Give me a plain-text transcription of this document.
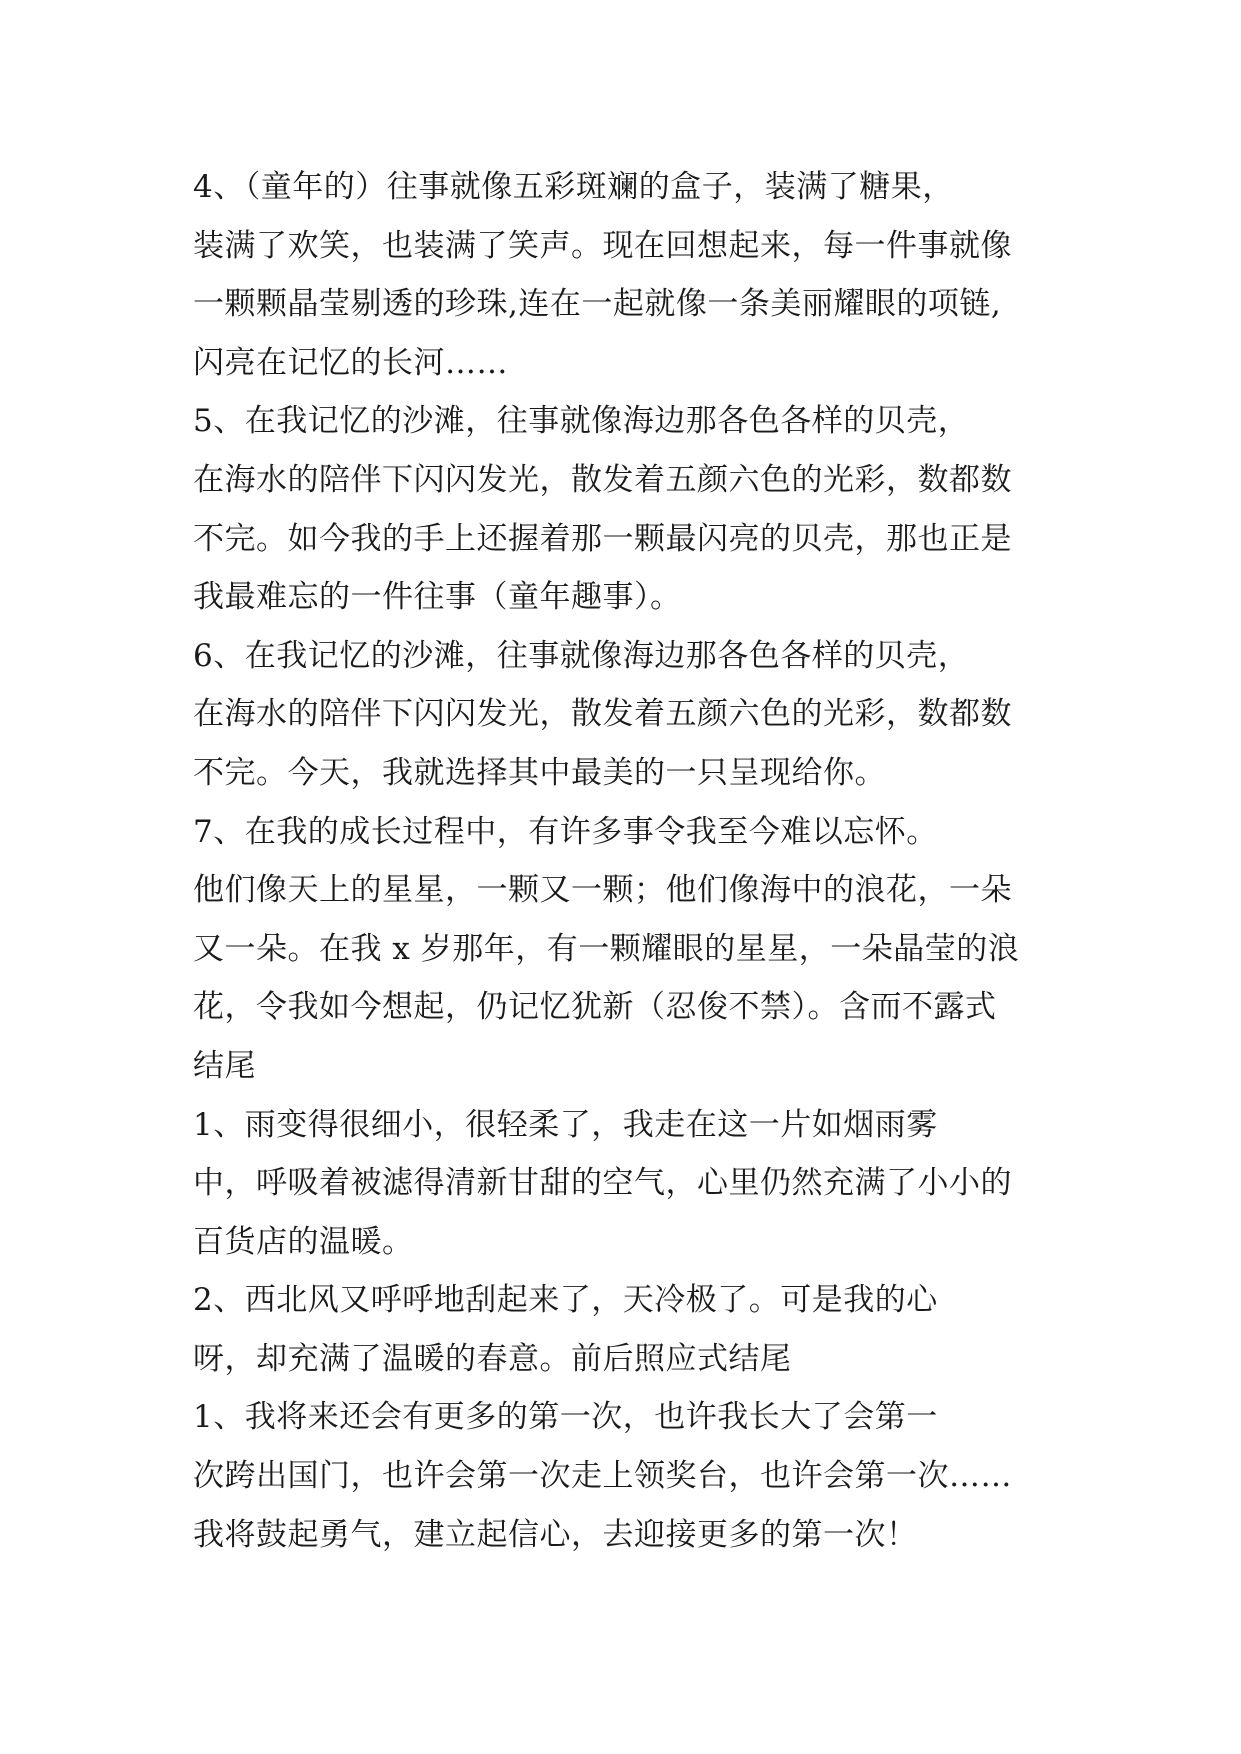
4、（童年的）往事就像五彩斑斓的盒子，装满了糖果，
装满了欢笑，也装满了笑声。现在回想起来，每一件事就像
一颗颗晶莹剔透的珍珠,连在一起就像一条美丽耀眼的项链,
闪亮在记忆的长河……
5、在我记忆的沙滩，往事就像海边那各色各样的贝壳，
在海水的陪伴下闪闪发光，散发着五颜六色的光彩，数都数
不完。如今我的手上还握着那一颗最闪亮的贝壳，那也正是
我最难忘的一件往事（童年趣事）。
6、在我记忆的沙滩，往事就像海边那各色各样的贝壳，
在海水的陪伴下闪闪发光，散发着五颜六色的光彩，数都数
不完。今天，我就选择其中最美的一只呈现给你。
7、在我的成长过程中，有许多事令我至今难以忘怀。
他们像天上的星星，一颗又一颗；他们像海中的浪花，一朵
又一朵。在我 x 岁那年，有一颗耀眼的星星，一朵晶莹的浪
花，令我如今想起，仍记忆犹新（忍俊不禁）。含而不露式
结尾
1、雨变得很细小，很轻柔了，我走在这一片如烟雨雾
中，呼吸着被滤得清新甘甜的空气，心里仍然充满了小小的
百货店的温暖。
2、西北风又呼呼地刮起来了，天冷极了。可是我的心
呀，却充满了温暖的春意。前后照应式结尾
1、我将来还会有更多的第一次，也许我长大了会第一
次跨出国门，也许会第一次走上领奖台，也许会第一次……
我将鼓起勇气，建立起信心，去迎接更多的第一次！
